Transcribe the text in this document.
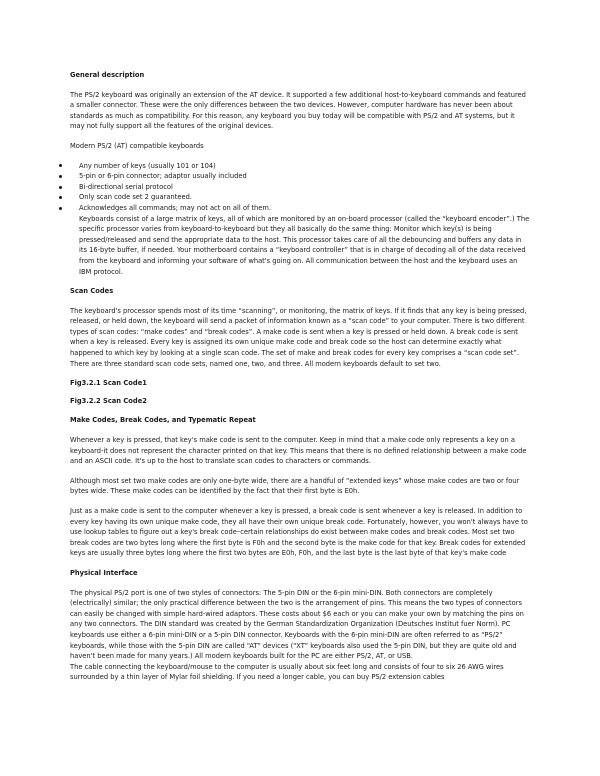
General description

The PS/2 keyboard was originally an extension of the AT device. It supported a few additional host-to-keyboard commands and featured a smaller connector. These were the only differences between the two devices. However, computer hardware has never been about standards as much as compatibility. For this reason, any keyboard you buy today will be compatible with PS/2 and AT systems, but it may not fully support all the features of the original devices.

Modern PS/2 (AT) compatible keyboards

Any number of keys (usually 101 or 104)
5-pin or 6-pin connector; adaptor usually included
Bi-directional serial protocol
Only scan code set 2 guaranteed.
Acknowledges all commands; may not act on all of them.

Keyboards consist of a large matrix of keys, all of which are monitored by an on-board processor (called the “keyboard encoder”.) The specific processor varies from keyboard-to-keyboard but they all basically do the same thing: Monitor which key(s) is being pressed/released and send the appropriate data to the host. This processor takes care of all the debouncing and buffers any data in its 16-byte buffer, if needed. Your motherboard contains a “keyboard controller” that is in charge of decoding all of the data received from the keyboard and informing your software of what's going on. All communication between the host and the keyboard uses an IBM protocol.

Scan Codes

The keyboard's processor spends most of its time “scanning”, or monitoring, the matrix of keys. If it finds that any key is being pressed, released, or held down, the keyboard will send a packet of information known as a “scan code” to your computer. There is two different types of scan codes: “make codes” and “break codes”. A make code is sent when a key is pressed or held down. A break code is sent when a key is released. Every key is assigned its own unique make code and break code so the host can determine exactly what happened to which key by looking at a single scan code. The set of make and break codes for every key comprises a “scan code set”. There are three standard scan code sets, named one, two, and three. All modern keyboards default to set two.

Fig3.2.1 Scan Code1
Fig3.2.2 Scan Code2
Make Codes, Break Codes, and Typematic Repeat

Whenever a key is pressed, that key's make code is sent to the computer. Keep in mind that a make code only represents a key on a keyboard-it does not represent the character printed on that key. This means that there is no defined relationship between a make code and an ASCII code. It's up to the host to translate scan codes to characters or commands.

Although most set two make codes are only one-byte wide, there are a handful of “extended keys” whose make codes are two or four bytes wide. These make codes can be identified by the fact that their first byte is E0h.

Just as a make code is sent to the computer whenever a key is pressed, a break code is sent whenever a key is released. In addition to every key having its own unique make code, they all have their own unique break code. Fortunately, however, you won't always have to use lookup tables to figure out a key's break code–certain relationships do exist between make codes and break codes. Most set two break codes are two bytes long where the first byte is F0h and the second byte is the make code for that key. Break codes for extended keys are usually three bytes long where the first two bytes are E0h, F0h, and the last byte is the last byte of that key's make code

Physical Interface

The physical PS/2 port is one of two styles of connectors: The 5-pin DIN or the 6-pin mini-DIN. Both connectors are completely (electrically) similar; the only practical difference between the two is the arrangement of pins. This means the two types of connectors can easily be changed with simple hard-wired adaptors. These costs about $6 each or you can make your own by matching the pins on any two connectors. The DIN standard was created by the German Standardization Organization (Deutsches Institut fuer Norm). PC keyboards use either a 6-pin mini-DIN or a 5-pin DIN connector. Keyboards with the 6-pin mini-DIN are often referred to as “PS/2” keyboards, while those with the 5-pin DIN are called “AT” devices (“XT” keyboards also used the 5-pin DIN, but they are quite old and haven't been made for many years.) All modern keyboards built for the PC are either PS/2, AT, or USB.

The cable connecting the keyboard/mouse to the computer is usually about six feet long and consists of four to six 26 AWG wires surrounded by a thin layer of Mylar foil shielding. If you need a longer cable, you can buy PS/2 extension cables
